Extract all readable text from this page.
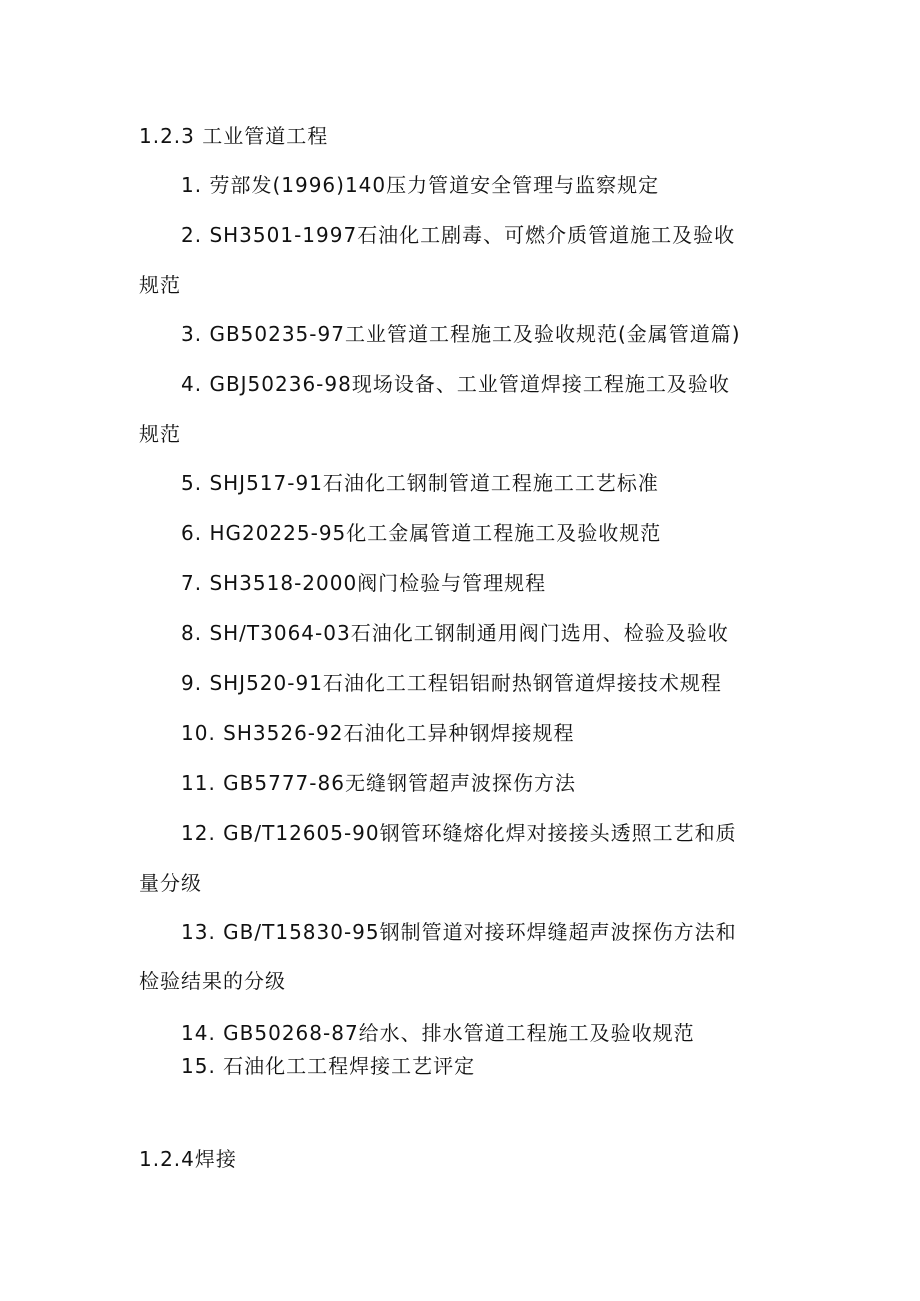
1.2.3 工业管道工程
1. 劳部发(1996)140压力管道安全管理与监察规定
2. SH3501-1997石油化工剧毒、可燃介质管道施工及验收
规范
3. GB50235-97工业管道工程施工及验收规范(金属管道篇)
4. GBJ50236-98现场设备、工业管道焊接工程施工及验收
规范
5. SHJ517-91石油化工钢制管道工程施工工艺标准
6. HG20225-95化工金属管道工程施工及验收规范
7. SH3518-2000阀门检验与管理规程
8. SH/T3064-03石油化工钢制通用阀门选用、检验及验收
9. SHJ520-91石油化工工程铝铝耐热钢管道焊接技术规程
10. SH3526-92石油化工异种钢焊接规程
11. GB5777-86无缝钢管超声波探伤方法
12. GB/T12605-90钢管环缝熔化焊对接接头透照工艺和质
量分级
13. GB/T15830-95钢制管道对接环焊缝超声波探伤方法和
检验结果的分级
14. GB50268-87给水、排水管道工程施工及验收规范
15. 石油化工工程焊接工艺评定
1.2.4焊接
